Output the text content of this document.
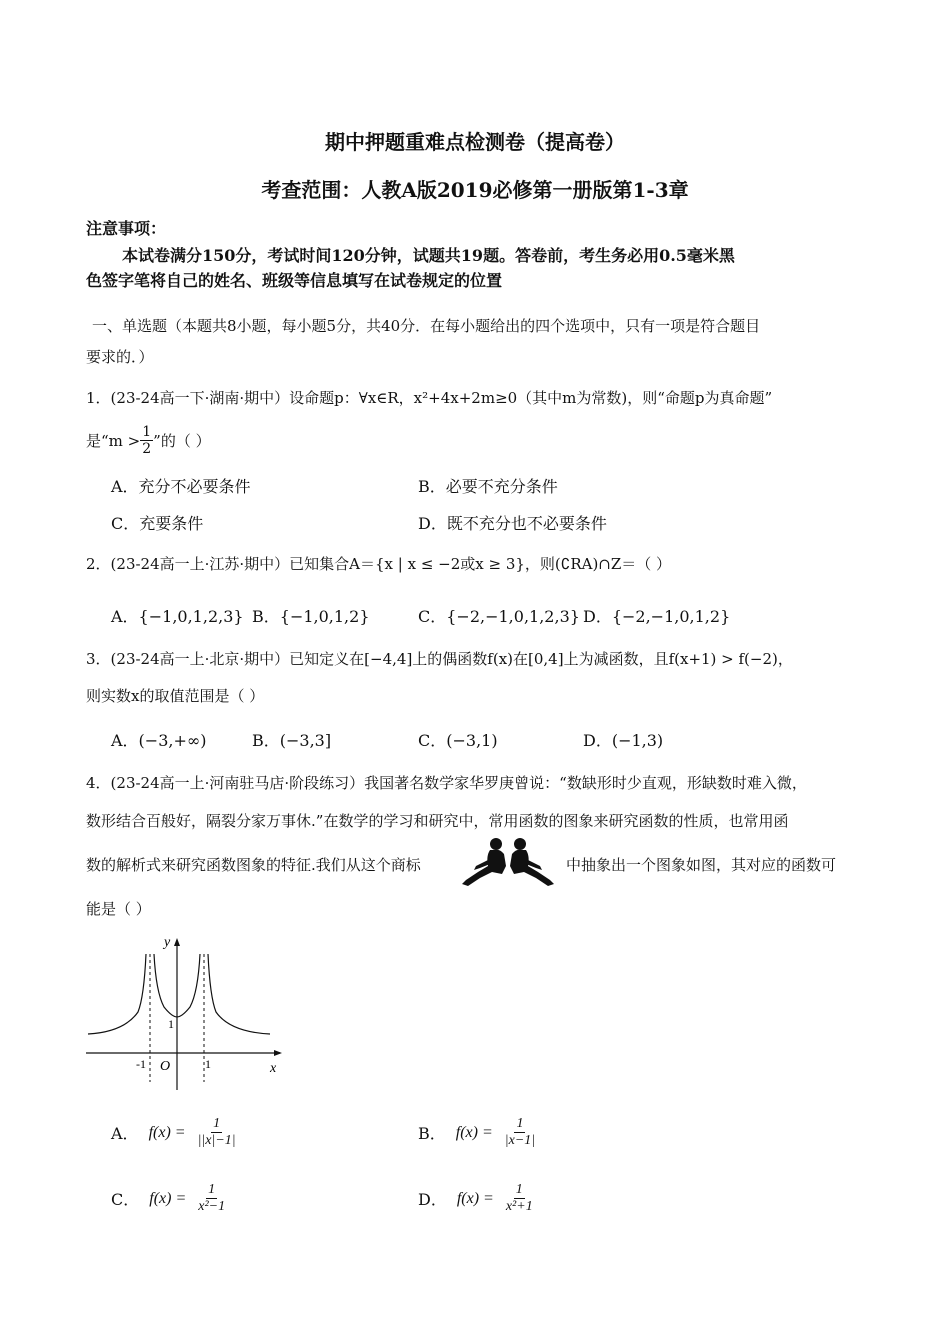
期中押题重难点检测卷（提高卷）
考查范围：人教A版2019必修第一册版第1-3章
注意事项：
本试卷满分150分，考试时间120分钟，试题共19题。答卷前，考生务必用0.5毫米黑
色签字笔将自己的姓名、班级等信息填写在试卷规定的位置
一、单选题（本题共8小题，每小题5分，共40分．在每小题给出的四个选项中，只有一项是符合题目
要求的．）
1．(23-24高一下·湖南·期中）设命题p：∀x∈R，x²+4x+2m≥0（其中m为常数)，则“命题p为真命题”
是“$m > \frac{1}{2}$ ”的（ ）
A．充分不必要条件	B．必要不充分条件
C．充要条件	D．既不充分也不必要条件
2．(23-24高一上·江苏·期中）已知集合A＝{x | x ≤ −2或x ≥ 3}，则(∁RA)∩Z＝（ ）
A．{−1,0,1,2,3} B．{−1,0,1,2}	C．{−2,−1,0,1,2,3} D．{−2,−1,0,1,2}
3．(23-24高一上·北京·期中）已知定义在[−4,4]上的偶函数f(x)在[0,4]上为减函数，且f(x+1) > f(−2)，
则实数x的取值范围是（ ）
A．(−3,+∞)	B．(−3,3]	C．(−3,1)	D．(−1,3)
4．(23-24高一上·河南驻马店·阶段练习）我国著名数学家华罗庚曾说：“数缺形时少直观，形缺数时难入微，
数形结合百般好，隔裂分家万事休.”在数学的学习和研究中，常用函数的图象来研究函数的性质，也常用函
数的解析式来研究函数图象的特征.我们从这个商标	中抽象出一个图象如图，其对应的函数可
能是（ ）
y
x
1
-1 O	1
A． $f(x) = \frac{1}{||x|-1|}$	B． $f(x) = \frac{1}{|x-1|}$
C． $f(x) = \frac{1}{\text{x²−1}}$	D． $f(x) = \frac{1}{\text{x²+1}}$
